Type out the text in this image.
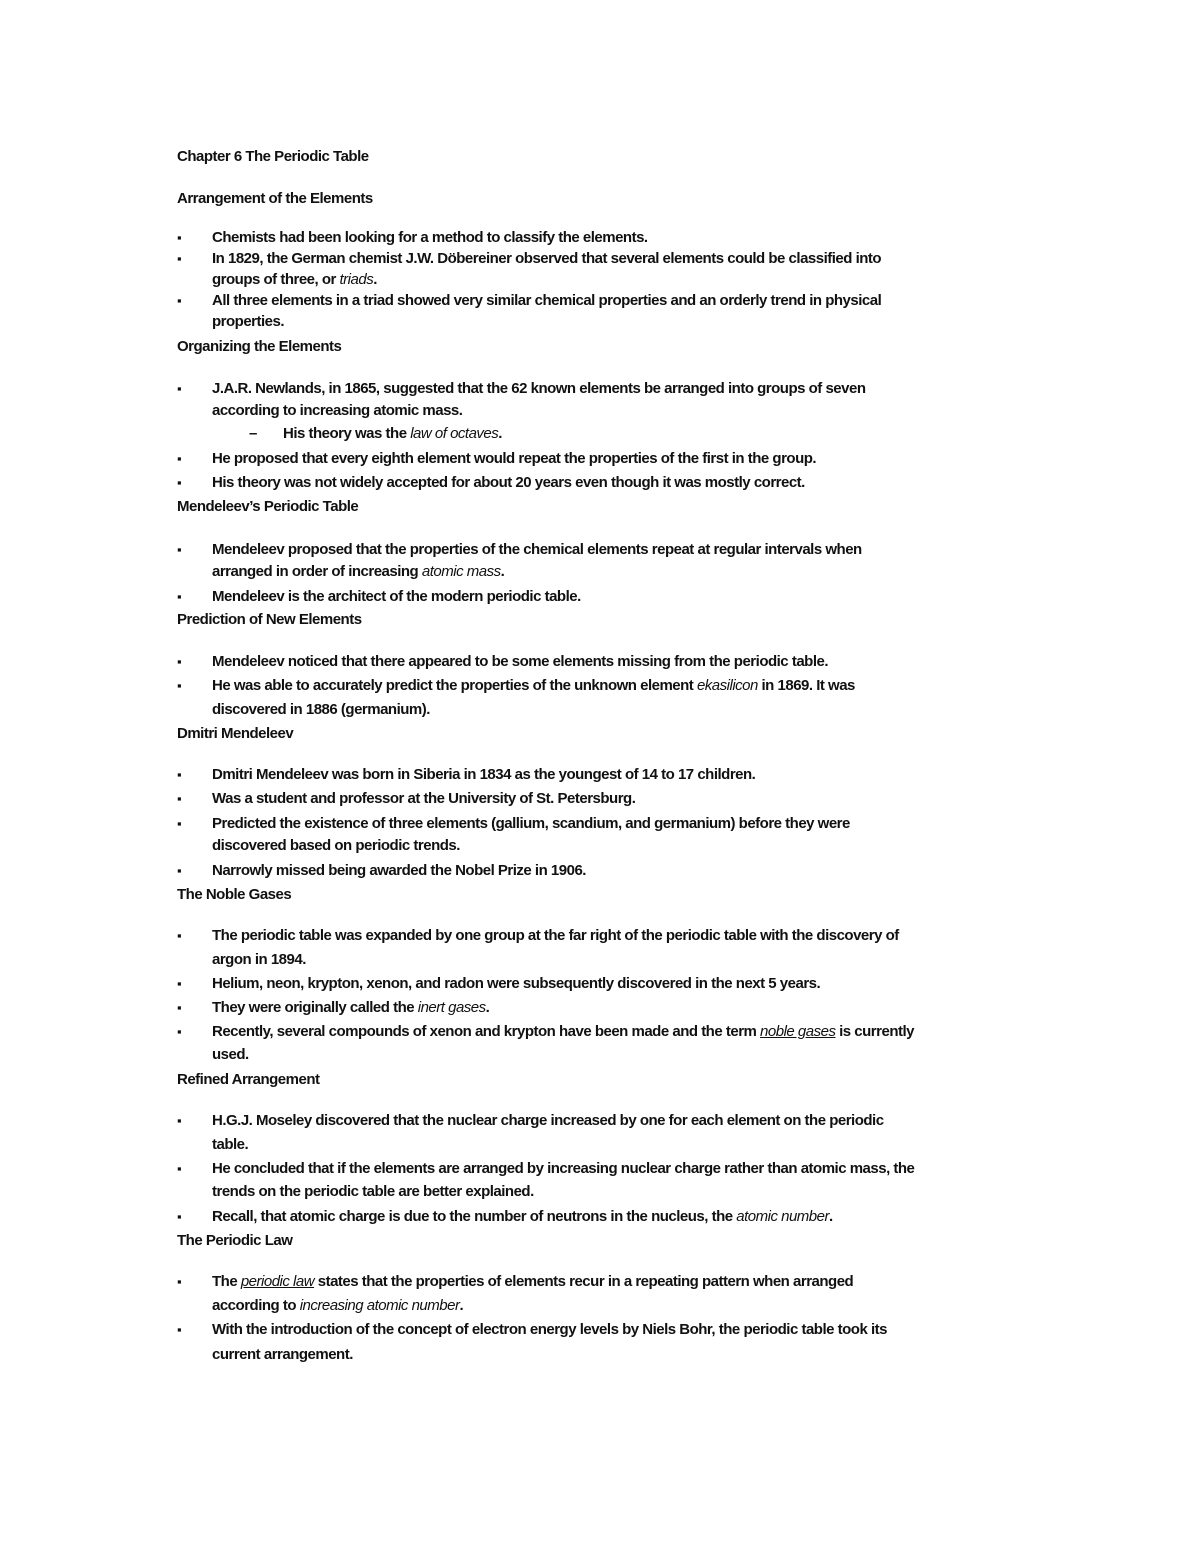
Chapter 6 The Periodic Table
Arrangement of the Elements
▪ Chemists had been looking for a method to classify the elements.
▪ In 1829, the German chemist J.W. Döbereiner observed that several elements could be classified into
groups of three, or triads.
▪ All three elements in a triad showed very similar chemical properties and an orderly trend in physical
properties.
Organizing the Elements
▪ J.A.R. Newlands, in 1865, suggested that the 62 known elements be arranged into groups of seven
according to increasing atomic mass.
– His theory was the law of octaves.
▪ He proposed that every eighth element would repeat the properties of the first in the group.
▪ His theory was not widely accepted for about 20 years even though it was mostly correct.
Mendeleev’s Periodic Table
▪ Mendeleev proposed that the properties of the chemical elements repeat at regular intervals when
arranged in order of increasing atomic mass.
▪ Mendeleev is the architect of the modern periodic table.
Prediction of New Elements
▪ Mendeleev noticed that there appeared to be some elements missing from the periodic table.
▪ He was able to accurately predict the properties of the unknown element ekasilicon in 1869. It was
discovered in 1886 (germanium).
Dmitri Mendeleev
▪ Dmitri Mendeleev was born in Siberia in 1834 as the youngest of 14 to 17 children.
▪ Was a student and professor at the University of St. Petersburg.
▪ Predicted the existence of three elements (gallium, scandium, and germanium) before they were
discovered based on periodic trends.
▪ Narrowly missed being awarded the Nobel Prize in 1906.
The Noble Gases
▪ The periodic table was expanded by one group at the far right of the periodic table with the discovery of
argon in 1894.
▪ Helium, neon, krypton, xenon, and radon were subsequently discovered in the next 5 years.
▪ They were originally called the inert gases.
▪ Recently, several compounds of xenon and krypton have been made and the term noble gases is currently
used.
Refined Arrangement
▪ H.G.J. Moseley discovered that the nuclear charge increased by one for each element on the periodic
table.
▪ He concluded that if the elements are arranged by increasing nuclear charge rather than atomic mass, the
trends on the periodic table are better explained.
▪ Recall, that atomic charge is due to the number of neutrons in the nucleus, the atomic number.
The Periodic Law
▪ The periodic law states that the properties of elements recur in a repeating pattern when arranged
according to increasing atomic number.
▪ With the introduction of the concept of electron energy levels by Niels Bohr, the periodic table took its
current arrangement.
